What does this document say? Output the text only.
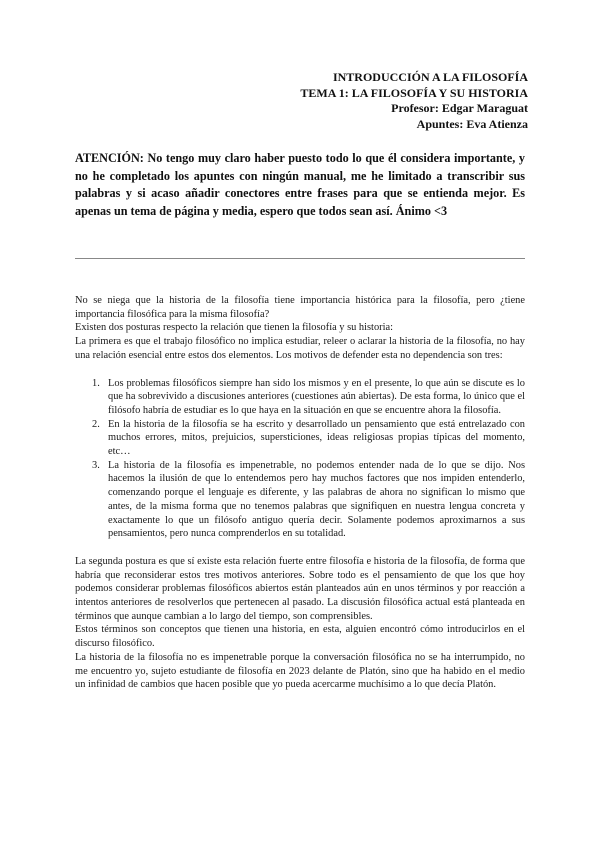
INTRODUCCIÓN A LA FILOSOFÍA
TEMA 1: LA FILOSOFÍA Y SU HISTORIA
Profesor: Edgar Maraguat
Apuntes: Eva Atienza

ATENCIÓN: No tengo muy claro haber puesto todo lo que él considera importante, y no he completado los apuntes con ningún manual, me he limitado a transcribir sus palabras y si acaso añadir conectores entre frases para que se entienda mejor. Es apenas un tema de página y media, espero que todos sean así. Ánimo <3

No se niega que la historia de la filosofía tiene importancia histórica para la filosofía, pero ¿tiene importancia filosófica para la misma filosofía?

Existen dos posturas respecto la relación que tienen la filosofía y su historia:

La primera es que el trabajo filosófico no implica estudiar, releer o aclarar la historia de la filosofía, no hay una relación esencial entre estos dos elementos. Los motivos de defender esta no dependencia son tres:

1. Los problemas filosóficos siempre han sido los mismos y en el presente, lo que aún se discute es lo que ha sobrevivido a discusiones anteriores (cuestiones aún abiertas). De esta forma, lo único que el filósofo habría de estudiar es lo que haya en la situación en que se encuentre ahora la filosofía.
2. En la historia de la filosofía se ha escrito y desarrollado un pensamiento que está entrelazado con muchos errores, mitos, prejuicios, supersticiones, ideas religiosas propias típicas del momento, etc…
3. La historia de la filosofía es impenetrable, no podemos entender nada de lo que se dijo. Nos hacemos la ilusión de que lo entendemos pero hay muchos factores que nos impiden entenderlo, comenzando porque el lenguaje es diferente, y las palabras de ahora no significan lo mismo que antes, de la misma forma que no tenemos palabras que signifiquen en nuestra lengua concreta y exactamente lo que un filósofo antiguo quería decir. Solamente podemos aproximarnos a sus pensamientos, pero nunca comprenderlos en su totalidad.

La segunda postura es que sí existe esta relación fuerte entre filosofía e historia de la filosofía, de forma que habría que reconsiderar estos tres motivos anteriores. Sobre todo es el pensamiento de que los que hoy podemos considerar problemas filosóficos abiertos están planteados aún en unos términos y por reacción a intentos anteriores de resolverlos que pertenecen al pasado. La discusión filosófica actual está planteada en términos que aunque cambian a lo largo del tiempo, son comprensibles.

Estos términos son conceptos que tienen una historia, en esta, alguien encontró cómo introducirlos en el discurso filosófico.

La historia de la filosofía no es impenetrable porque la conversación filosófica no se ha interrumpido, no me encuentro yo, sujeto estudiante de filosofía en 2023 delante de Platón, sino que ha habido en el medio un infinidad de cambios que hacen posible que yo pueda acercarme muchísimo a lo que decía Platón.
